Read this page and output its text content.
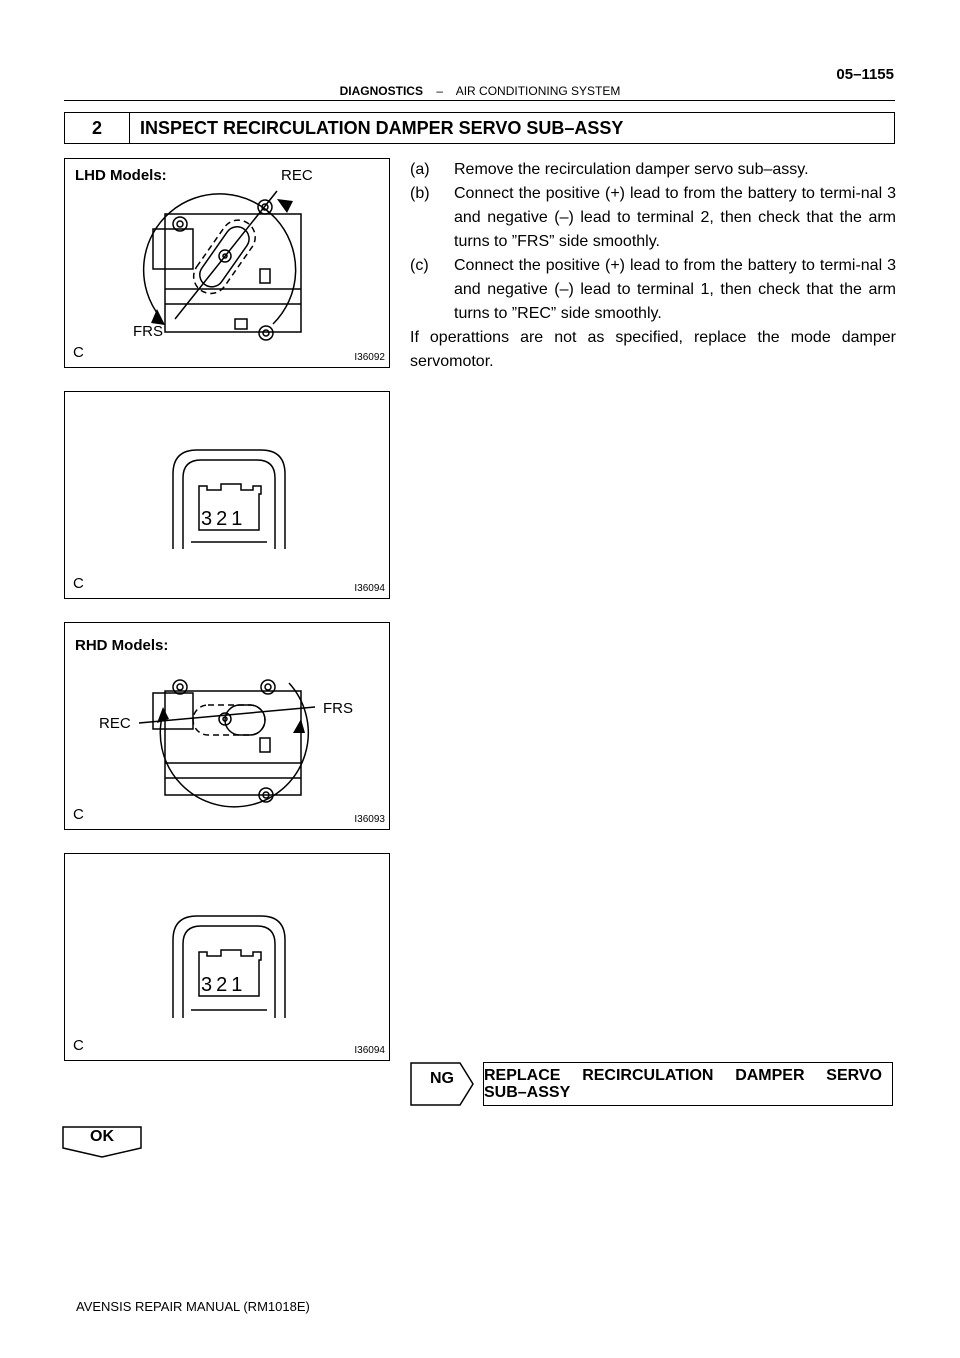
DIAGNOSTICS – AIR CONDITIONING SYSTEM
05–1155
2	INSPECT RECIRCULATION DAMPER SERVO SUB–ASSY
LHD Models:	REC
FRS
C	I36092
321
C	I36094
RHD Models:
REC
FRS
C	I36093
321
C	I36094
(a) Remove the recirculation damper servo sub–assy.
(b) Connect the positive (+) lead to from the battery to termi-nal 3 and negative (–) lead to terminal 2, then check that the arm turns to ”FRS” side smoothly.
(c) Connect the positive (+) lead to from the battery to termi-nal 3 and negative (–) lead to terminal 1, then check that the arm turns to ”REC” side smoothly.
If operattions are not as specified, replace the mode damper servomotor.
NG REPLACE RECIRCULATION DAMPER SERVO
SUB–ASSY
OK
AVENSIS REPAIR MANUAL (RM1018E)
